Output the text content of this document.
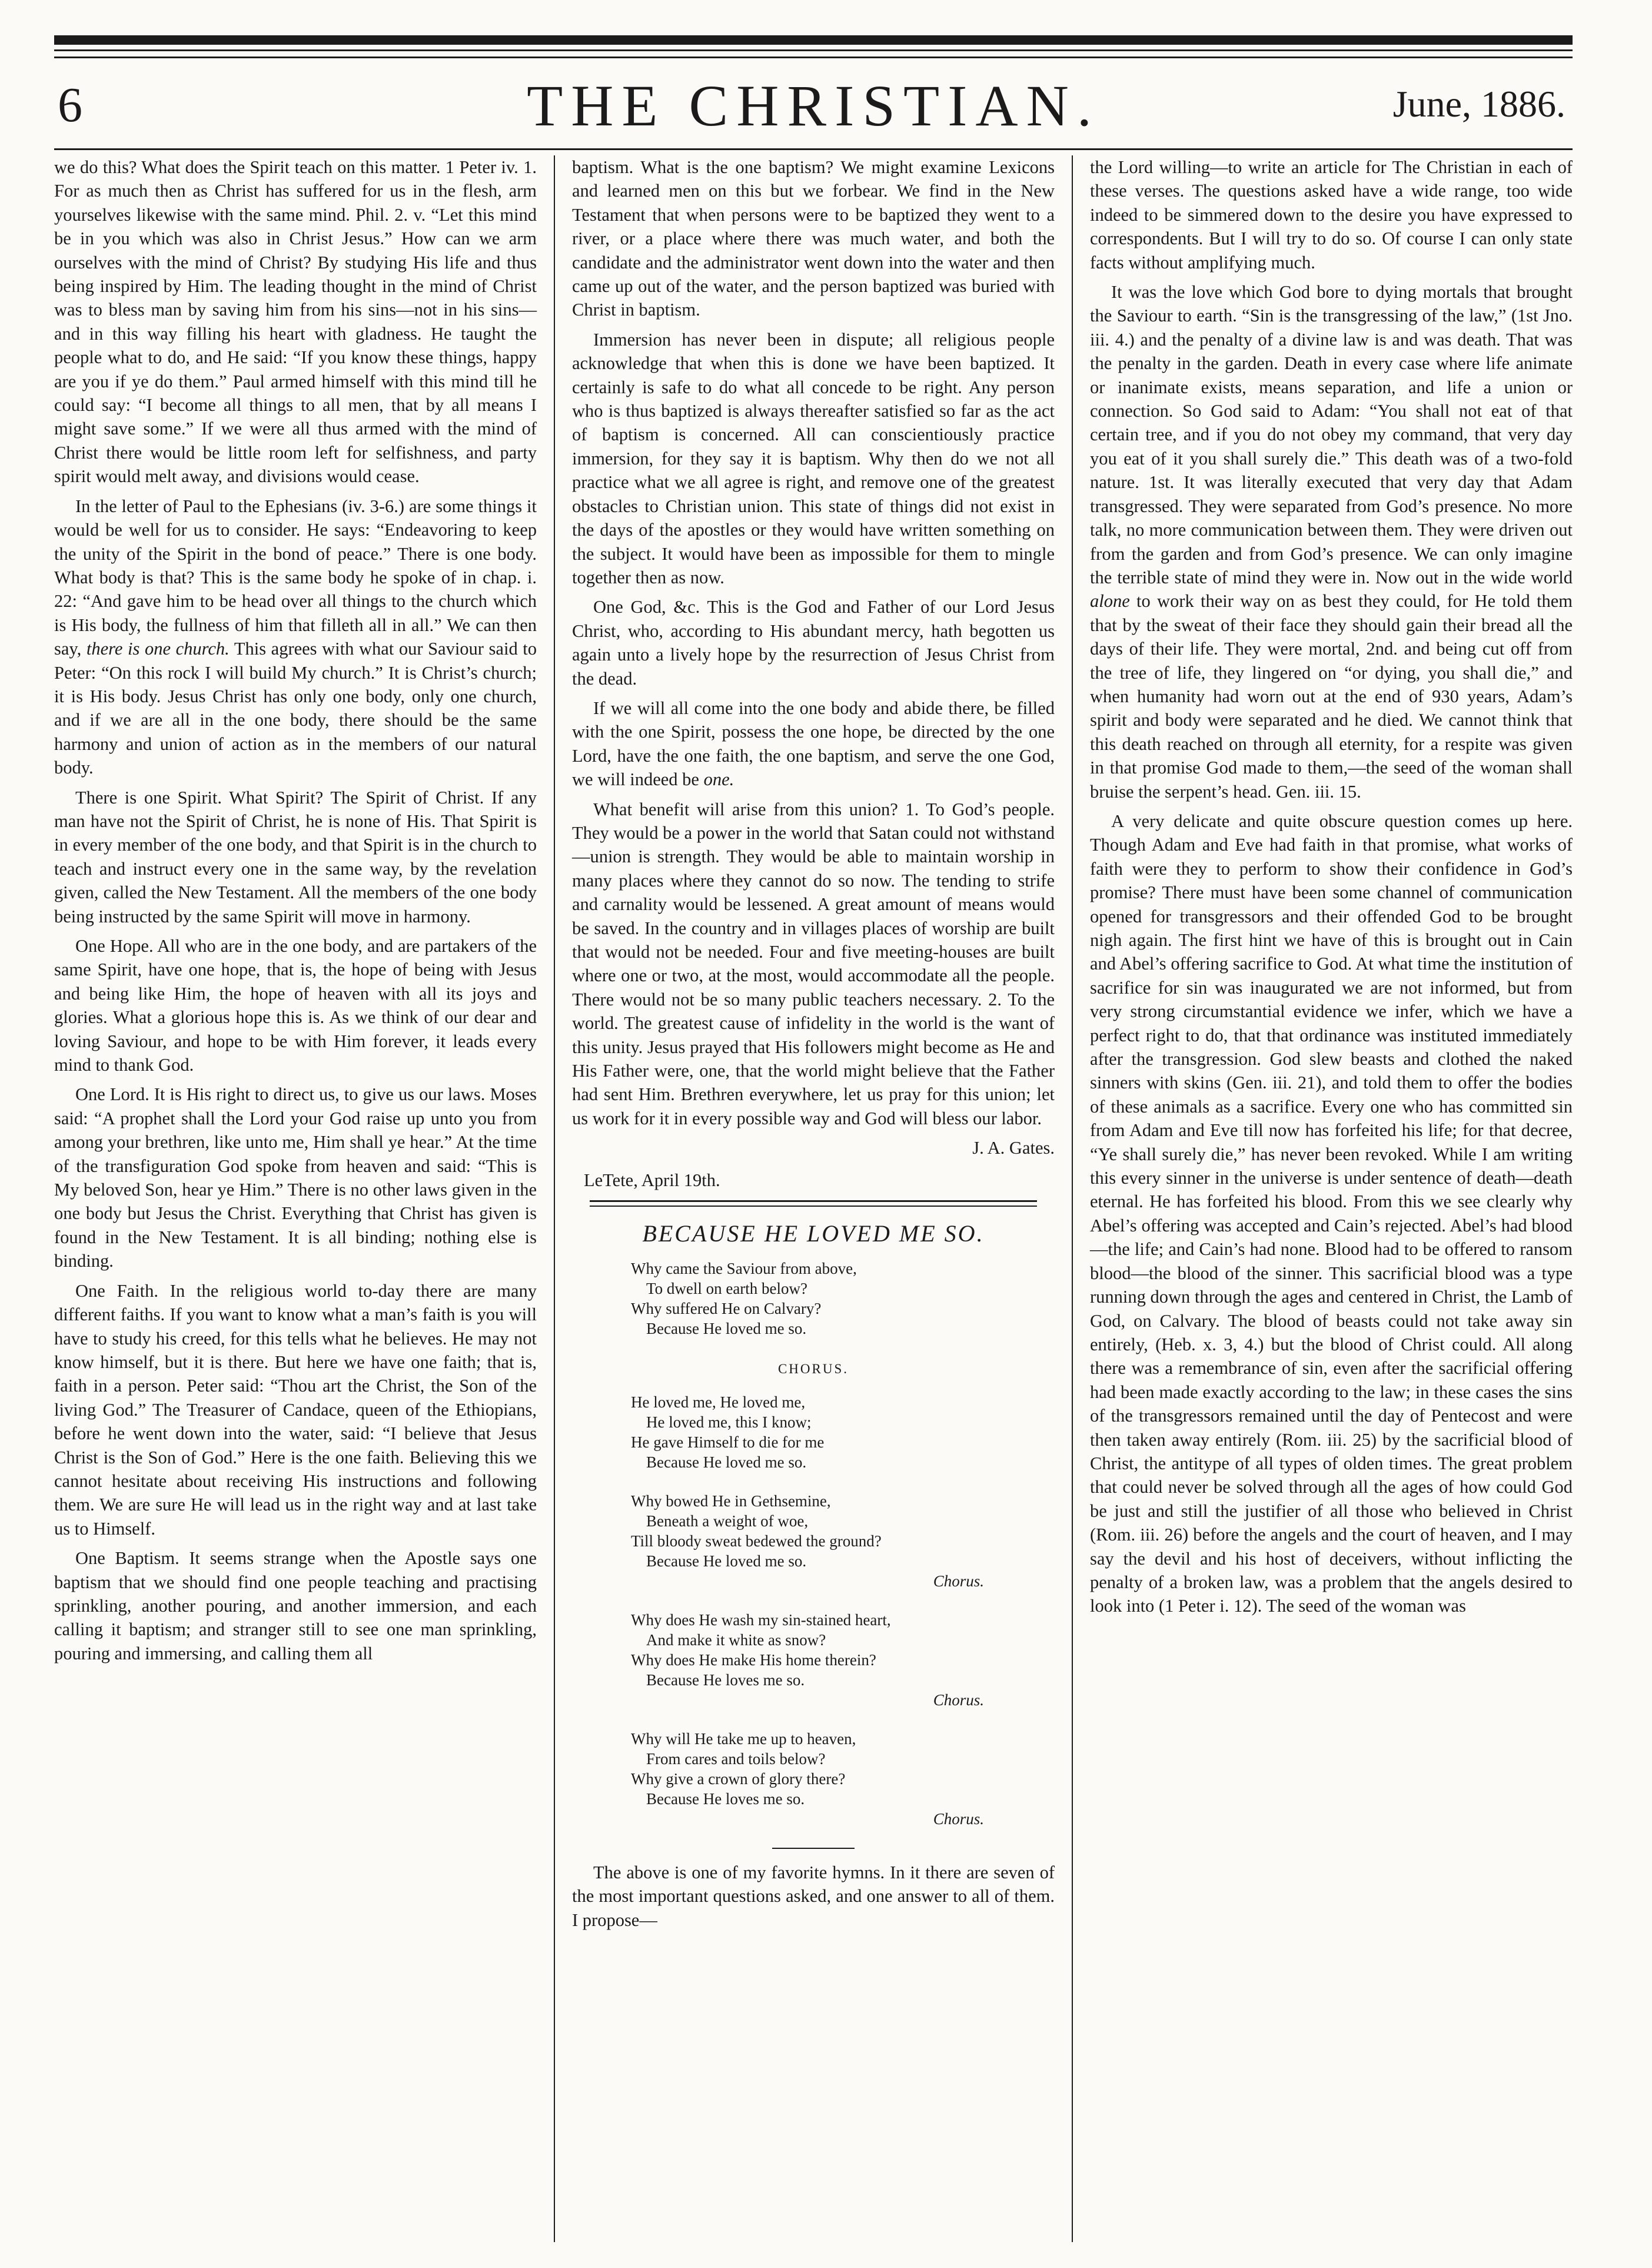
6	THE CHRISTIAN.	June, 1886.

we do this? What does the Spirit teach on this matter. 1 Peter iv. 1. For as much then as Christ has suffered for us in the flesh, arm yourselves likewise with the same mind. Phil. 2. v. “Let this mind be in you which was also in Christ Jesus.” How can we arm ourselves with the mind of Christ? By studying His life and thus being inspired by Him. The leading thought in the mind of Christ was to bless man by saving him from his sins—not in his sins—and in this way filling his heart with gladness. He taught the people what to do, and He said: “If you know these things, happy are you if ye do them.” Paul armed himself with this mind till he could say: “I become all things to all men, that by all means I might save some.” If we were all thus armed with the mind of Christ there would be little room left for selfishness, and party spirit would melt away, and divisions would cease.

In the letter of Paul to the Ephesians (iv. 3-6.) are some things it would be well for us to consider. He says: “Endeavoring to keep the unity of the Spirit in the bond of peace.” There is one body. What body is that? This is the same body he spoke of in chap. i. 22: “And gave him to be head over all things to the church which is His body, the fullness of him that filleth all in all.” We can then say, there is one church. This agrees with what our Saviour said to Peter: “On this rock I will build My church.” It is Christ’s church; it is His body. Jesus Christ has only one body, only one church, and if we are all in the one body, there should be the same harmony and union of action as in the members of our natural body.

There is one Spirit. What Spirit? The Spirit of Christ. If any man have not the Spirit of Christ, he is none of His. That Spirit is in every member of the one body, and that Spirit is in the church to teach and instruct every one in the same way, by the revelation given, called the New Testament. All the members of the one body being instructed by the same Spirit will move in harmony.

One Hope. All who are in the one body, and are partakers of the same Spirit, have one hope, that is, the hope of being with Jesus and being like Him, the hope of heaven with all its joys and glories. What a glorious hope this is. As we think of our dear and loving Saviour, and hope to be with Him forever, it leads every mind to thank God.

One Lord. It is His right to direct us, to give us our laws. Moses said: “A prophet shall the Lord your God raise up unto you from among your brethren, like unto me, Him shall ye hear.” At the time of the transfiguration God spoke from heaven and said: “This is My beloved Son, hear ye Him.” There is no other laws given in the one body but Jesus the Christ. Everything that Christ has given is found in the New Testament. It is all binding; nothing else is binding.

One Faith. In the religious world to-day there are many different faiths. If you want to know what a man’s faith is you will have to study his creed, for this tells what he believes. He may not know himself, but it is there. But here we have one faith; that is, faith in a person. Peter said: “Thou art the Christ, the Son of the living God.” The Treasurer of Candace, queen of the Ethiopians, before he went down into the water, said: “I believe that Jesus Christ is the Son of God.” Here is the one faith. Believing this we cannot hesitate about receiving His instructions and following them. We are sure He will lead us in the right way and at last take us to Himself.

One Baptism. It seems strange when the Apostle says one baptism that we should find one people teaching and practising sprinkling, another pouring, and another immersion, and each calling it baptism; and stranger still to see one man sprinkling, pouring and immersing, and calling them all

baptism. What is the one baptism? We might examine Lexicons and learned men on this but we forbear. We find in the New Testament that when persons were to be baptized they went to a river, or a place where there was much water, and both the candidate and the administrator went down into the water and then came up out of the water, and the person baptized was buried with Christ in baptism.

Immersion has never been in dispute; all religious people acknowledge that when this is done we have been baptized. It certainly is safe to do what all concede to be right. Any person who is thus baptized is always thereafter satisfied so far as the act of baptism is concerned. All can conscientiously practice immersion, for they say it is baptism. Why then do we not all practice what we all agree is right, and remove one of the greatest obstacles to Christian union. This state of things did not exist in the days of the apostles or they would have written something on the subject. It would have been as impossible for them to mingle together then as now.

One God, &c. This is the God and Father of our Lord Jesus Christ, who, according to His abundant mercy, hath begotten us again unto a lively hope by the resurrection of Jesus Christ from the dead.

If we will all come into the one body and abide there, be filled with the one Spirit, possess the one hope, be directed by the one Lord, have the one faith, the one baptism, and serve the one God, we will indeed be one.

What benefit will arise from this union? 1. To God’s people. They would be a power in the world that Satan could not withstand—union is strength. They would be able to maintain worship in many places where they cannot do so now. The tending to strife and carnality would be lessened. A great amount of means would be saved. In the country and in villages places of worship are built that would not be needed. Four and five meeting-houses are built where one or two, at the most, would accommodate all the people. There would not be so many public teachers necessary. 2. To the world. The greatest cause of infidelity in the world is the want of this unity. Jesus prayed that His followers might become as He and His Father were, one, that the world might believe that the Father had sent Him. Brethren everywhere, let us pray for this union; let us work for it in every possible way and God will bless our labor.

J. A. Gates.
LeTete, April 19th.
BECAUSE HE LOVED ME SO.
Why came the Saviour from above,
To dwell on earth below?
Why suffered He on Calvary?
Because He loved me so.
CHORUS.
He loved me, He loved me,
He loved me, this I know;
He gave Himself to die for me
Because He loved me so.
Why bowed He in Gethsemine,
Beneath a weight of woe,
Till bloody sweat bedewed the ground?
Because He loved me so.
Chorus.
Why does He wash my sin-stained heart,
And make it white as snow?
Why does He make His home therein?
Because He loves me so.
Chorus.
Why will He take me up to heaven,
From cares and toils below?
Why give a crown of glory there?
Because He loves me so.
Chorus.

The above is one of my favorite hymns. In it there are seven of the most important questions asked, and one answer to all of them. I propose—

the Lord willing—to write an article for The Christian in each of these verses. The questions asked have a wide range, too wide indeed to be simmered down to the desire you have expressed to correspondents. But I will try to do so. Of course I can only state facts without amplifying much.

It was the love which God bore to dying mortals that brought the Saviour to earth. “Sin is the transgressing of the law,” (1st Jno. iii. 4.) and the penalty of a divine law is and was death. That was the penalty in the garden. Death in every case where life animate or inanimate exists, means separation, and life a union or connection. So God said to Adam: “You shall not eat of that certain tree, and if you do not obey my command, that very day you eat of it you shall surely die.” This death was of a two-fold nature. 1st. It was literally executed that very day that Adam transgressed. They were separated from God’s presence. No more talk, no more communication between them. They were driven out from the garden and from God’s presence. We can only imagine the terrible state of mind they were in. Now out in the wide world alone to work their way on as best they could, for He told them that by the sweat of their face they should gain their bread all the days of their life. They were mortal, 2nd. and being cut off from the tree of life, they lingered on “or dying, you shall die,” and when humanity had worn out at the end of 930 years, Adam’s spirit and body were separated and he died. We cannot think that this death reached on through all eternity, for a respite was given in that promise God made to them,—the seed of the woman shall bruise the serpent’s head. Gen. iii. 15.

A very delicate and quite obscure question comes up here. Though Adam and Eve had faith in that promise, what works of faith were they to perform to show their confidence in God’s promise? There must have been some channel of communication opened for transgressors and their offended God to be brought nigh again. The first hint we have of this is brought out in Cain and Abel’s offering sacrifice to God. At what time the institution of sacrifice for sin was inaugurated we are not informed, but from very strong circumstantial evidence we infer, which we have a perfect right to do, that that ordinance was instituted immediately after the transgression. God slew beasts and clothed the naked sinners with skins (Gen. iii. 21), and told them to offer the bodies of these animals as a sacrifice. Every one who has committed sin from Adam and Eve till now has forfeited his life; for that decree, “Ye shall surely die,” has never been revoked. While I am writing this every sinner in the universe is under sentence of death—death eternal. He has forfeited his blood. From this we see clearly why Abel’s offering was accepted and Cain’s rejected. Abel’s had blood—the life; and Cain’s had none. Blood had to be offered to ransom blood—the blood of the sinner. This sacrificial blood was a type running down through the ages and centered in Christ, the Lamb of God, on Calvary. The blood of beasts could not take away sin entirely, (Heb. x. 3, 4.) but the blood of Christ could. All along there was a remembrance of sin, even after the sacrificial offering had been made exactly according to the law; in these cases the sins of the transgressors remained until the day of Pentecost and were then taken away entirely (Rom. iii. 25) by the sacrificial blood of Christ, the antitype of all types of olden times. The great problem that could never be solved through all the ages of how could God be just and still the justifier of all those who believed in Christ (Rom. iii. 26) before the angels and the court of heaven, and I may say the devil and his host of deceivers, without inflicting the penalty of a broken law, was a problem that the angels desired to look into (1 Peter i. 12). The seed of the woman was
